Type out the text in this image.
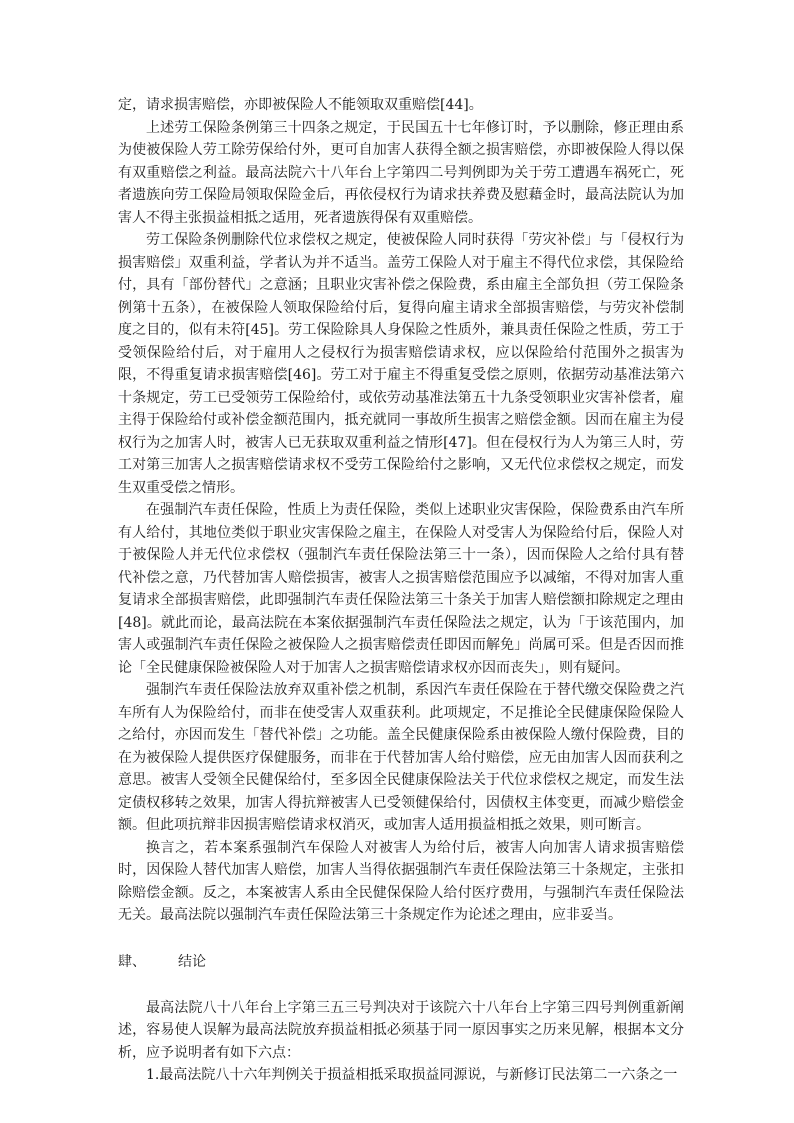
定，请求损害赔偿，亦即被保险人不能领取双重赔偿[44]。

上述劳工保险条例第三十四条之规定，于民国五十七年修订时，予以删除，修正理由系为使被保险人劳工除劳保给付外，更可自加害人获得全额之损害赔偿，亦即被保险人得以保有双重赔偿之利益。最高法院六十八年台上字第四二号判例即为关于劳工遭遇车祸死亡，死者遗族向劳工保险局领取保险金后，再依侵权行为请求扶养费及慰藉金时，最高法院认为加害人不得主张损益相抵之适用，死者遗族得保有双重赔偿。

劳工保险条例删除代位求偿权之规定，使被保险人同时获得「劳灾补偿」与「侵权行为损害赔偿」双重利益，学者认为并不适当。盖劳工保险人对于雇主不得代位求偿，其保险给付，具有「部份替代」之意涵；且职业灾害补偿之保险费，系由雇主全部负担（劳工保险条例第十五条），在被保险人领取保险给付后，复得向雇主请求全部损害赔偿，与劳灾补偿制度之目的，似有未符[45]。劳工保险除具人身保险之性质外，兼具责任保险之性质，劳工于受领保险给付后，对于雇用人之侵权行为损害赔偿请求权，应以保险给付范围外之损害为限，不得重复请求损害赔偿[46]。劳工对于雇主不得重复受偿之原则，依据劳动基准法第六十条规定，劳工已受领劳工保险给付，或依劳动基准法第五十九条受领职业灾害补偿者，雇主得于保险给付或补偿金额范围内，抵充就同一事故所生损害之赔偿金额。因而在雇主为侵权行为之加害人时，被害人已无获取双重利益之情形[47]。但在侵权行为人为第三人时，劳工对第三加害人之损害赔偿请求权不受劳工保险给付之影响，又无代位求偿权之规定，而发生双重受偿之情形。

在强制汽车责任保险，性质上为责任保险，类似上述职业灾害保险，保险费系由汽车所有人给付，其地位类似于职业灾害保险之雇主，在保险人对受害人为保险给付后，保险人对于被保险人并无代位求偿权（强制汽车责任保险法第三十一条），因而保险人之给付具有替代补偿之意，乃代替加害人赔偿损害，被害人之损害赔偿范围应予以减缩，不得对加害人重复请求全部损害赔偿，此即强制汽车责任保险法第三十条关于加害人赔偿额扣除规定之理由[48]。就此而论，最高法院在本案依据强制汽车责任保险法之规定，认为「于该范围内，加害人或强制汽车责任保险之被保险人之损害赔偿责任即因而解免」尚属可采。但是否因而推论「全民健康保险被保险人对于加害人之损害赔偿请求权亦因而丧失」，则有疑问。

强制汽车责任保险法放弃双重补偿之机制，系因汽车责任保险在于替代缴交保险费之汽车所有人为保险给付，而非在使受害人双重获利。此项规定，不足推论全民健康保险保险人之给付，亦因而发生「替代补偿」之功能。盖全民健康保险系由被保险人缴付保险费，目的在为被保险人提供医疗保健服务，而非在于代替加害人给付赔偿，应无由加害人因而获利之意思。被害人受领全民健保给付，至多因全民健康保险法关于代位求偿权之规定，而发生法定债权移转之效果，加害人得抗辩被害人已受领健保给付，因债权主体变更，而减少赔偿金额。但此项抗辩非因损害赔偿请求权消灭，或加害人适用损益相抵之效果，则可断言。

换言之，若本案系强制汽车保险人对被害人为给付后，被害人向加害人请求损害赔偿时，因保险人替代加害人赔偿，加害人当得依据强制汽车责任保险法第三十条规定，主张扣除赔偿金额。反之，本案被害人系由全民健保保险人给付医疗费用，与强制汽车责任保险法无关。最高法院以强制汽车责任保险法第三十条规定作为论述之理由，应非妥当。

肆、 结论

最高法院八十八年台上字第三五三号判决对于该院六十八年台上字第三四号判例重新阐述，容易使人误解为最高法院放弃损益相抵必须基于同一原因事实之历来见解，根据本文分析，应予说明者有如下六点：

1.最高法院八十六年判例关于损益相抵采取损益同源说，与新修订民法第二一六条之一
